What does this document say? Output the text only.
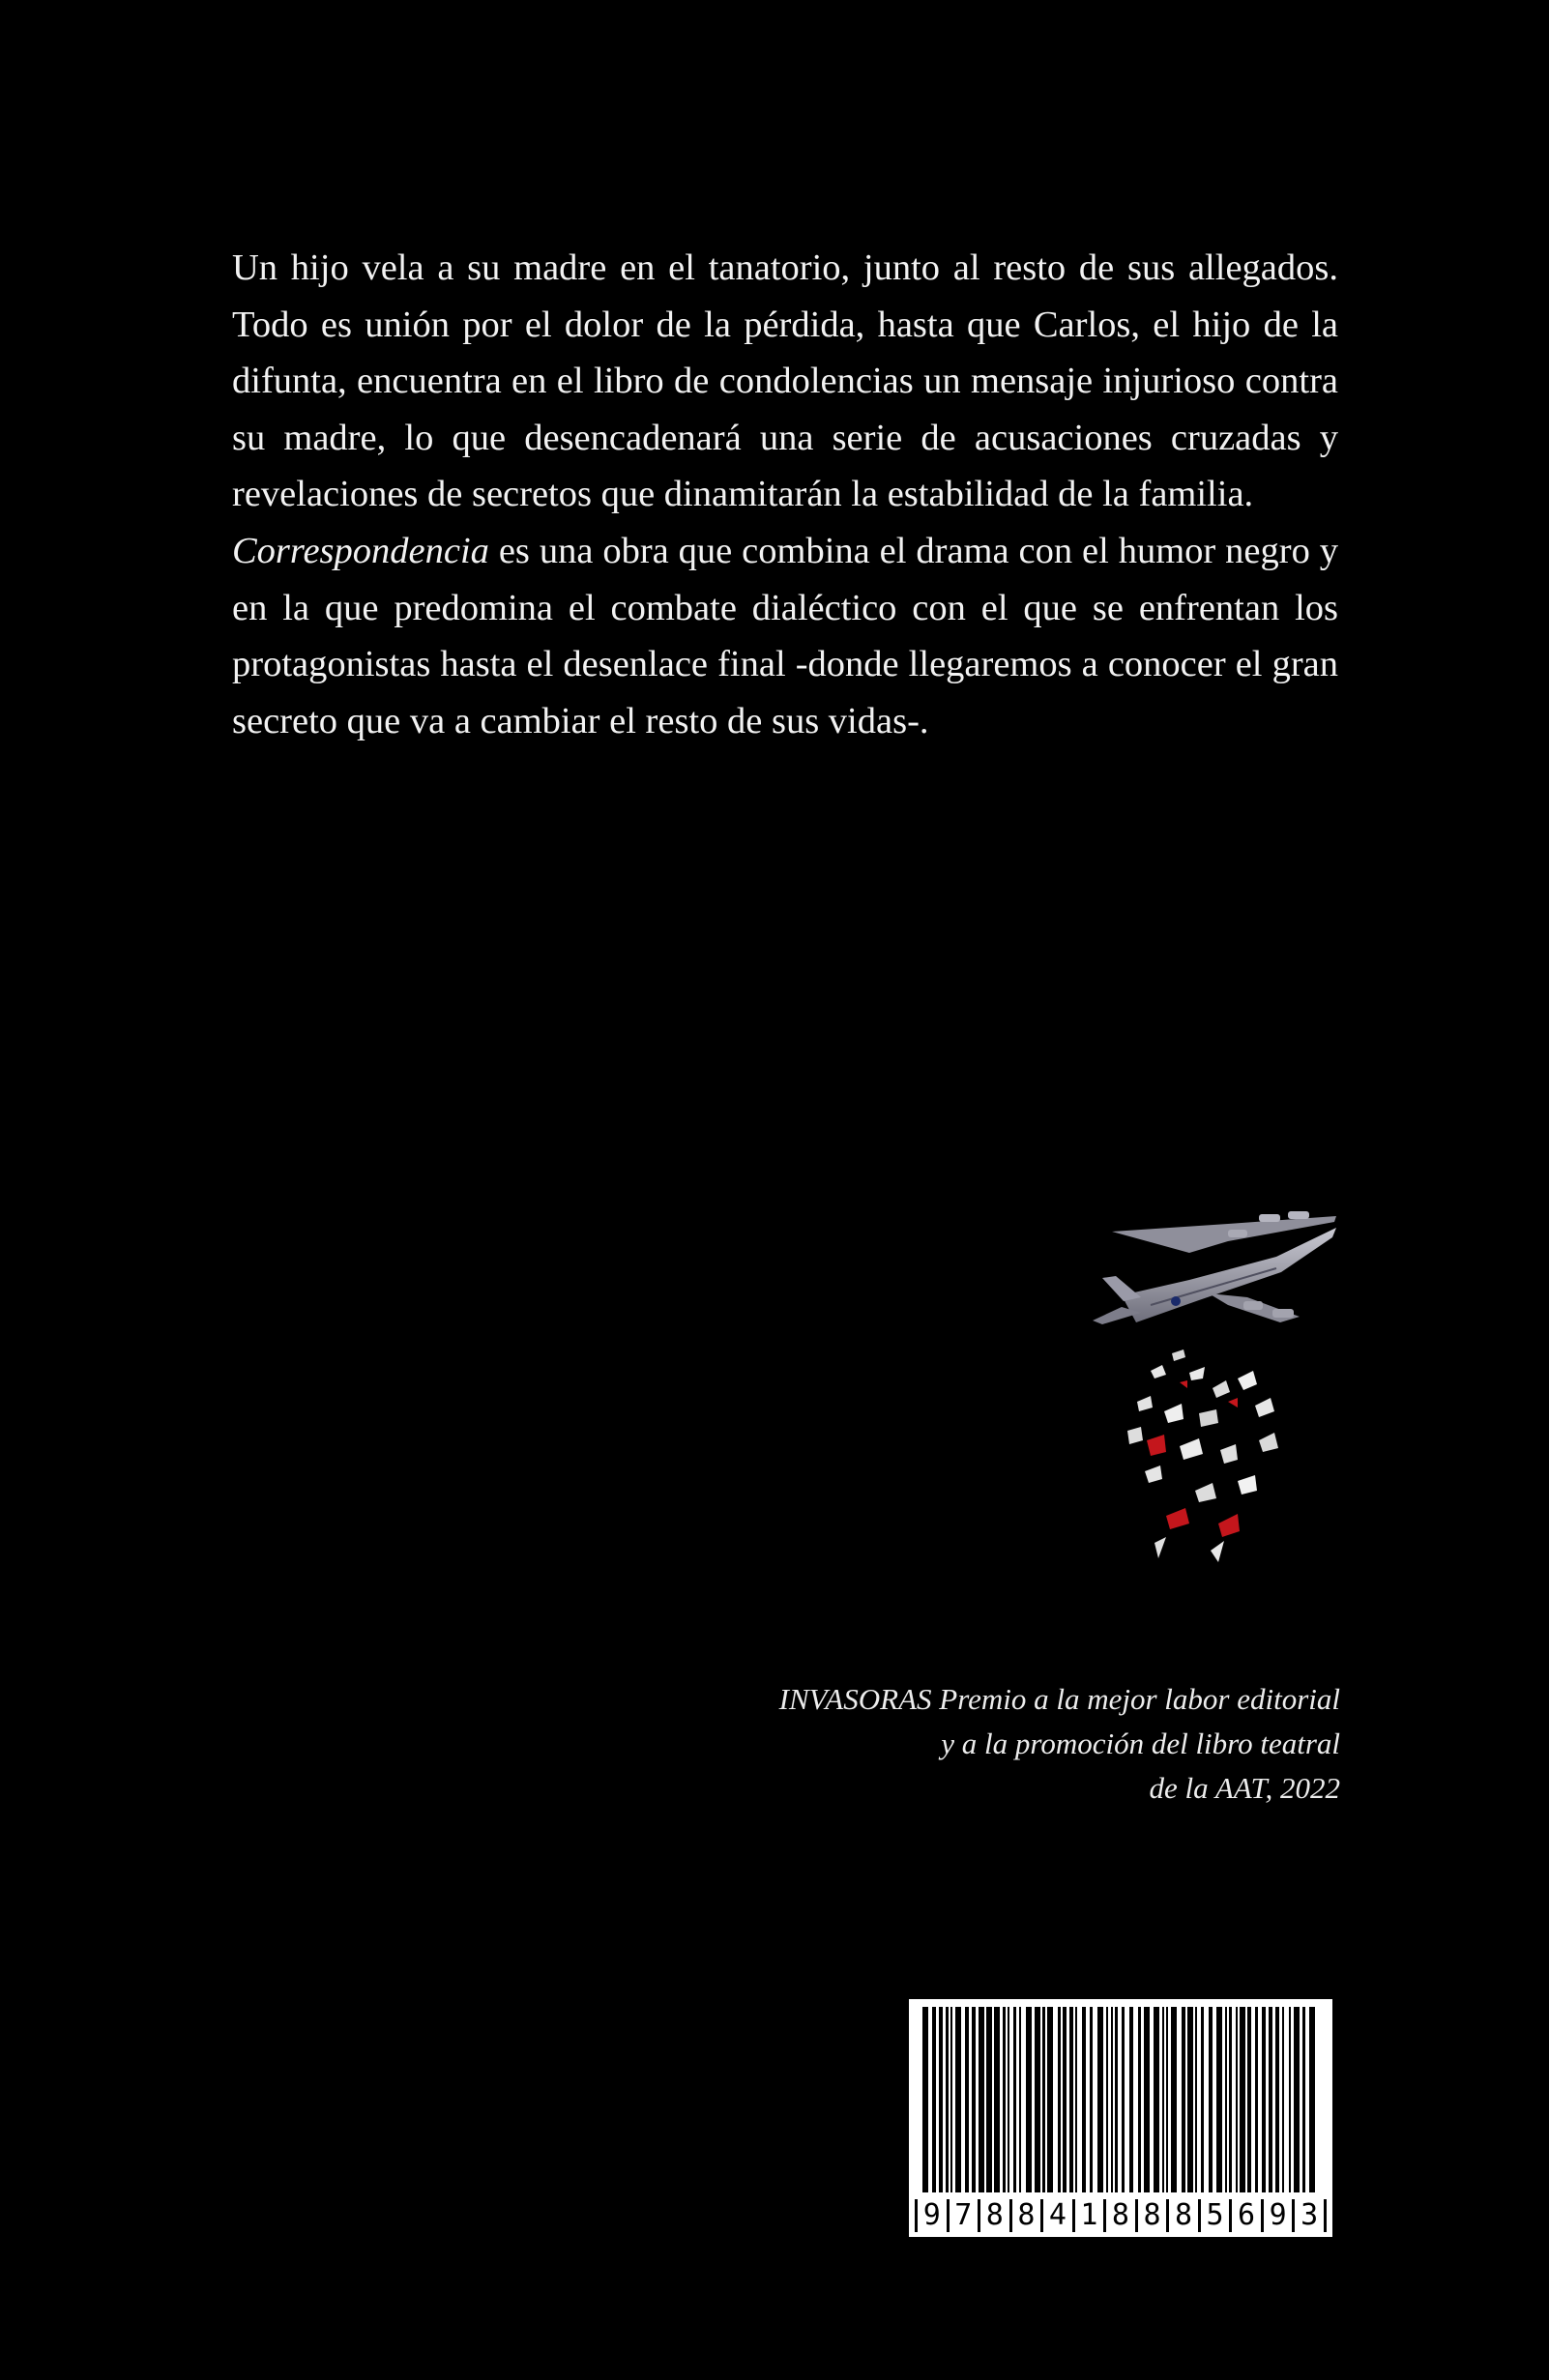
Un hijo vela a su madre en el tanatorio, junto al resto de sus allegados. Todo es unión por el dolor de la pérdida, hasta que Carlos, el hijo de la difunta, encuentra en el libro de condolencias un mensaje injurioso contra su madre, lo que desencadenará una serie de acusaciones cruzadas y revelaciones de secretos que dinamitarán la estabilidad de la familia.

Correspondencia es una obra que combina el drama con el humor negro y en la que predomina el combate dialéctico con el que se enfrentan los protagonistas hasta el desenlace final -donde llegaremos a conocer el gran secreto que va a cambiar el resto de sus vidas-.

INVASORAS Premio a la mejor labor editorial
y a la promoción del libro teatral
de la AAT, 2022
9 7 8 8 4 1 8 8 8 5 6 9 3
